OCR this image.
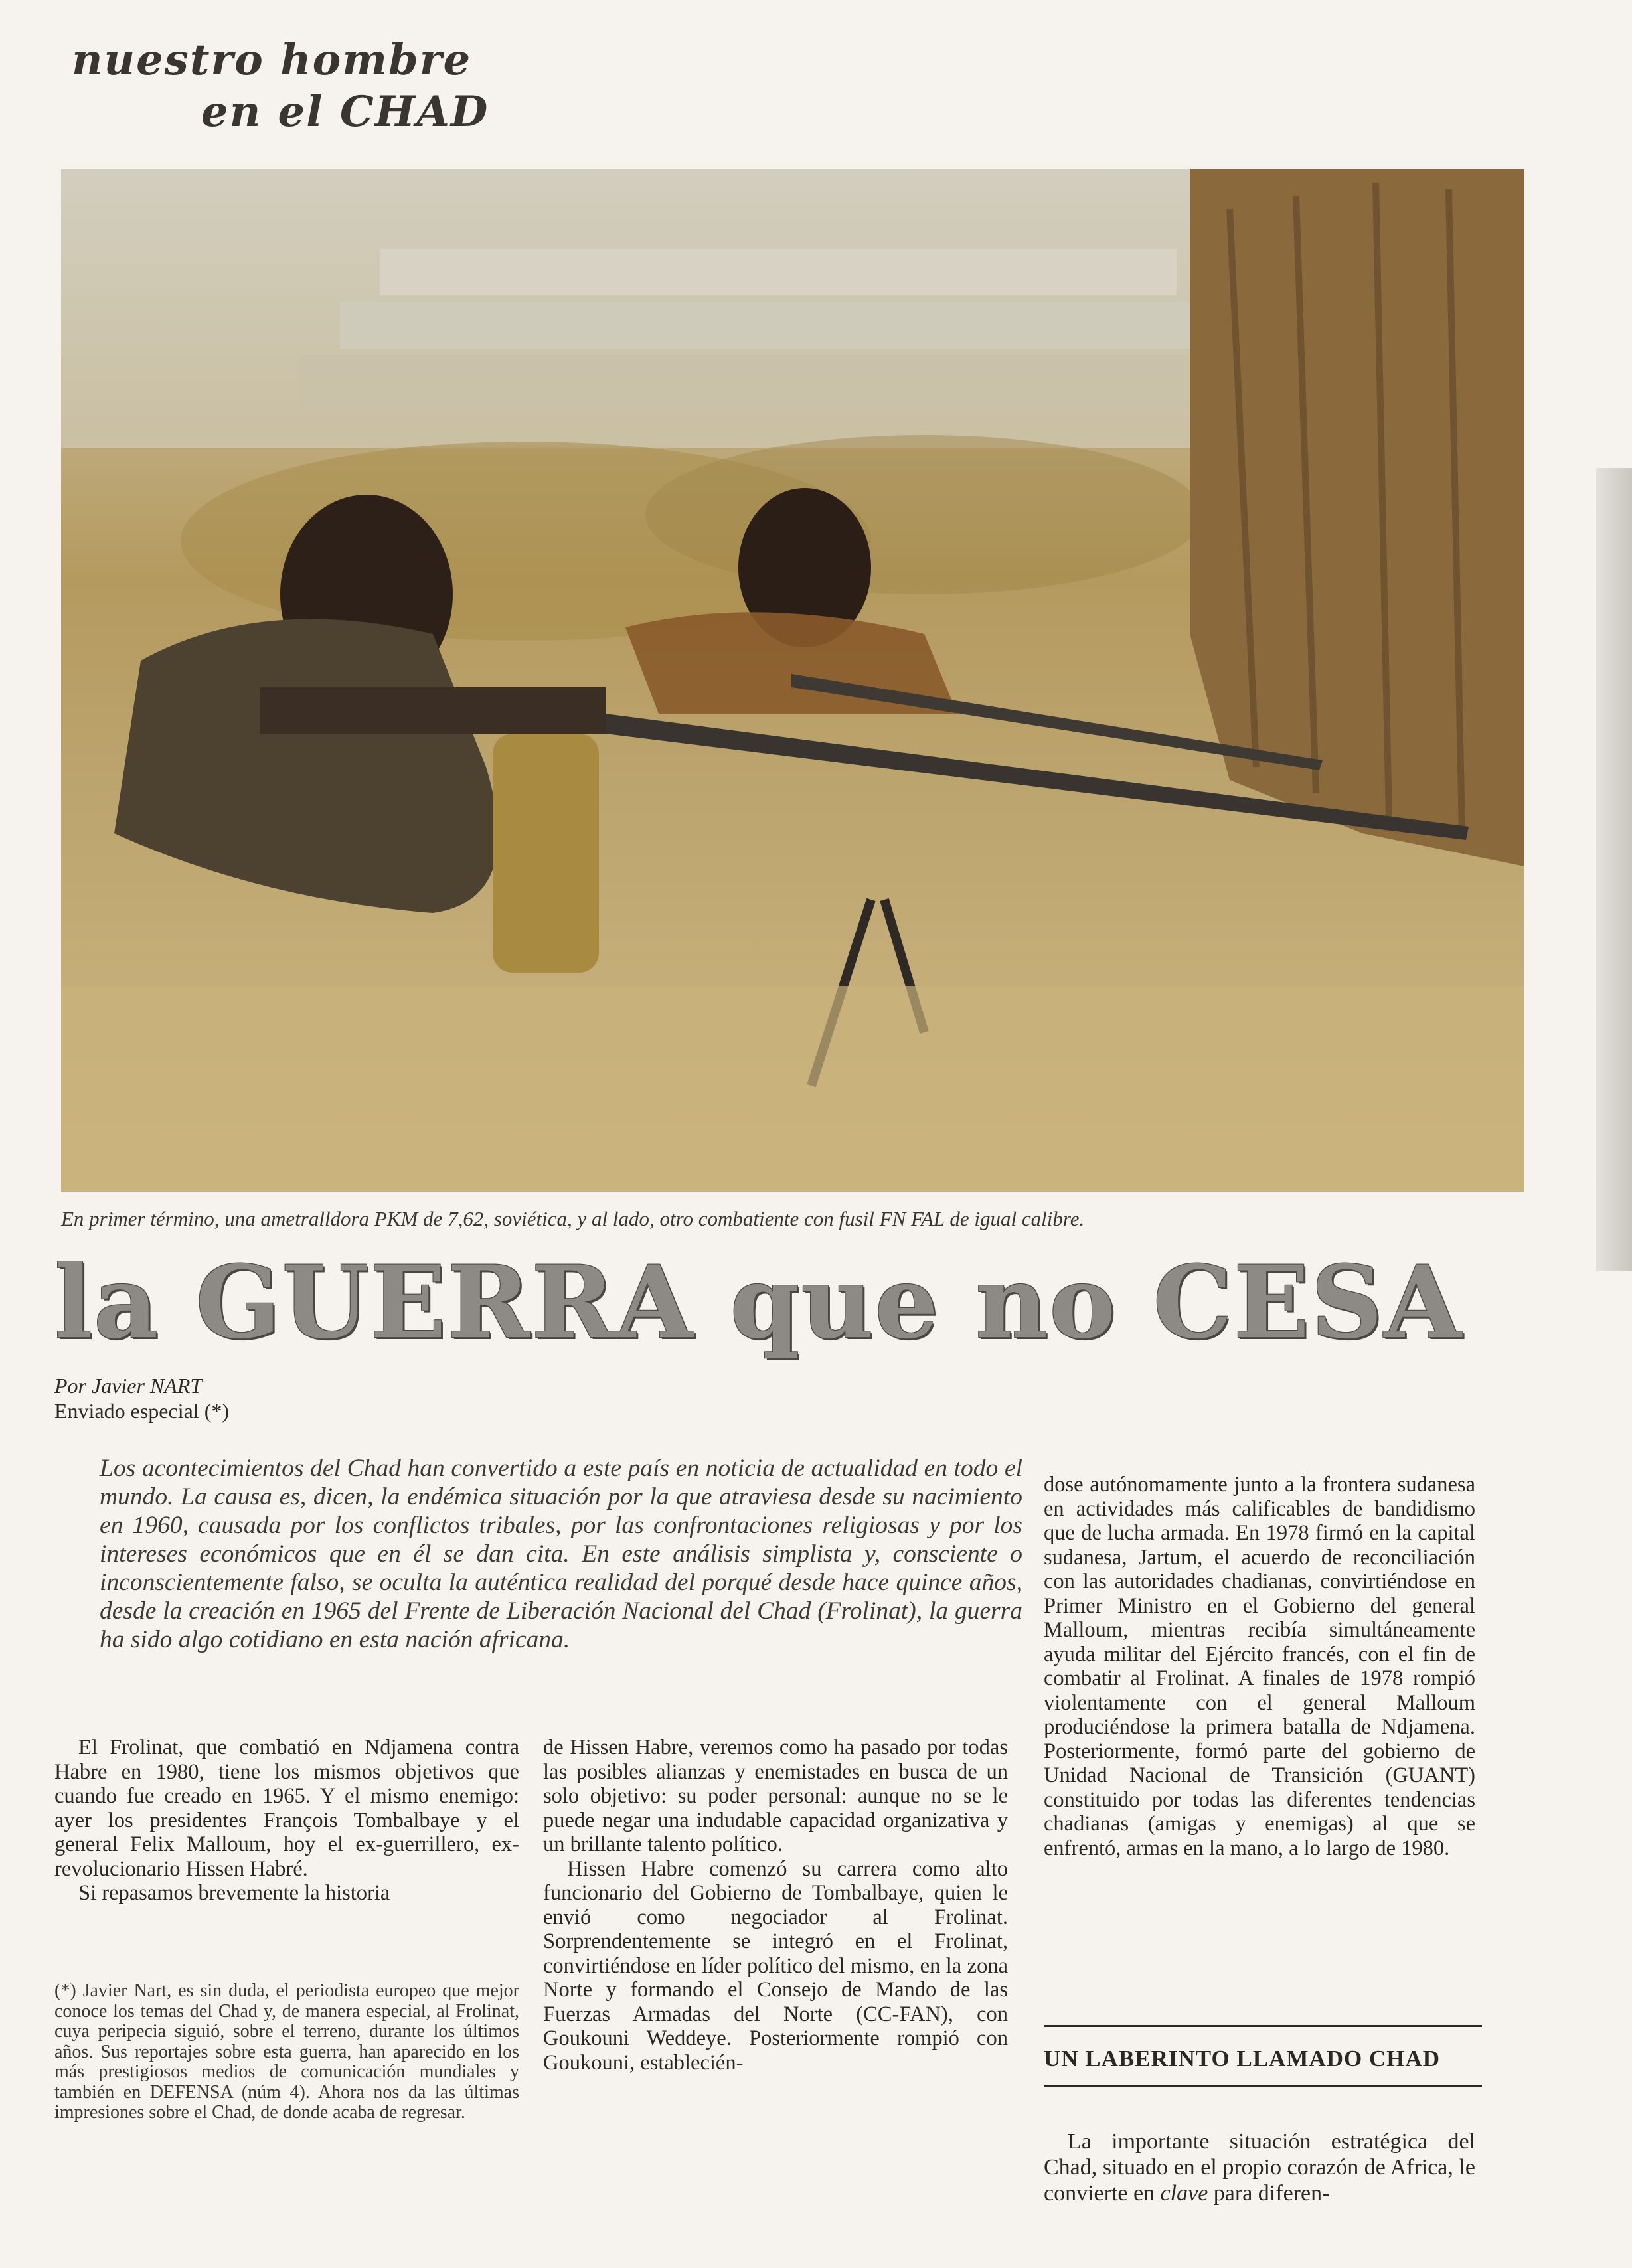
nuestro hombre
en el CHAD
En primer término, una ametralldora PKM de 7,62, soviética, y al lado, otro combatiente con fusil FN FAL de igual calibre.
la GUERRA que no CESA
Por Javier NART
Enviado especial (*)
Los acontecimientos del Chad han convertido a este país en noticia de actualidad en todo el mundo. La causa es, dicen, la endémica situación por la que atraviesa desde su nacimiento en 1960, causada por los conflictos tribales, por las confrontaciones religiosas y por los intereses económicos que en él se dan cita. En este análisis simplista y, consciente o inconscientemente falso, se oculta la auténtica realidad del porqué desde hace quince años, desde la creación en 1965 del Frente de Liberación Nacional del Chad (Frolinat), la guerra ha sido algo cotidiano en esta nación africana.

El Frolinat, que combatió en Ndjamena contra Habre en 1980, tiene los mismos objetivos que cuando fue creado en 1965. Y el mismo enemigo: ayer los presidentes François Tombalbaye y el general Felix Malloum, hoy el ex-guerrillero, ex-revolucionario Hissen Habré.

Si repasamos brevemente la historia

(*) Javier Nart, es sin duda, el periodista europeo que mejor conoce los temas del Chad y, de manera especial, al Frolinat, cuya peripecia siguió, sobre el terreno, durante los últimos años. Sus reportajes sobre esta guerra, han aparecido en los más prestigiosos medios de comunicación mundiales y también en DEFENSA (núm 4). Ahora nos da las últimas impresiones sobre el Chad, de donde acaba de regresar.

de Hissen Habre, veremos como ha pasado por todas las posibles alianzas y enemistades en busca de un solo objetivo: su poder personal: aunque no se le puede negar una indudable capacidad organizativa y un brillante talento político.

Hissen Habre comenzó su carrera como alto funcionario del Gobierno de Tombalbaye, quien le envió como negociador al Frolinat. Sorprendentemente se integró en el Frolinat, convirtiéndose en líder político del mismo, en la zona Norte y formando el Consejo de Mando de las Fuerzas Armadas del Norte (CC-FAN), con Goukouni Weddeye. Posteriormente rompió con Goukouni, establecién-

dose autónomamente junto a la frontera sudanesa en actividades más calificables de bandidismo que de lucha armada. En 1978 firmó en la capital sudanesa, Jartum, el acuerdo de reconciliación con las autoridades chadianas, convirtiéndose en Primer Ministro en el Gobierno del general Malloum, mientras recibía simultáneamente ayuda militar del Ejército francés, con el fin de combatir al Frolinat. A finales de 1978 rompió violentamente con el general Malloum produciéndose la primera batalla de Ndjamena. Posteriormente, formó parte del gobierno de Unidad Nacional de Transición (GUANT) constituido por todas las diferentes tendencias chadianas (amigas y enemigas) al que se enfrentó, armas en la mano, a lo largo de 1980.

UN LABERINTO LLAMADO CHAD

La importante situación estratégica del Chad, situado en el propio corazón de Africa, le convierte en clave para diferen-
